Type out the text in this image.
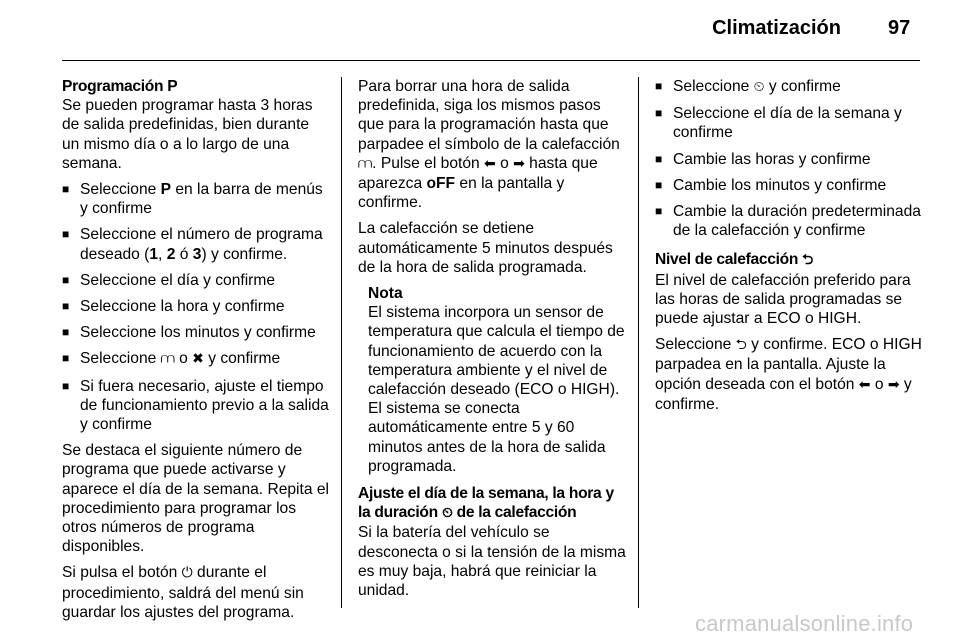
Climatización 97
Programación P

Se pueden programar hasta 3 horas de salida predefinidas, bien durante un mismo día o a lo largo de una semana.

■ Seleccione P en la barra de menús y confirme
■ Seleccione el número de programa deseado (1, 2 ó 3) y confirme.
■ Seleccione el día y confirme
■ Seleccione la hora y confirme
■ Seleccione los minutos y confirme
■ Seleccione ⩋ o ✖ y confirme
■ Si fuera necesario, ajuste el tiempo de funcionamiento previo a la salida y confirme

Se destaca el siguiente número de programa que puede activarse y aparece el día de la semana. Repita el procedimiento para programar los otros números de programa disponibles.

Si pulsa el botón ⏻ durante el procedimiento, saldrá del menú sin guardar los ajustes del programa.

Para borrar una hora de salida predefinida, siga los mismos pasos que para la programación hasta que parpadee el símbolo de la calefacción ⩋. Pulse el botón ⬅ o ➡ hasta que aparezca oFF en la pantalla y confirme.

La calefacción se detiene automáticamente 5 minutos después de la hora de salida programada.

Nota
El sistema incorpora un sensor de temperatura que calcula el tiempo de funcionamiento de acuerdo con la temperatura ambiente y el nivel de calefacción deseado (ECO o HIGH). El sistema se conecta automáticamente entre 5 y 60 minutos antes de la hora de salida programada.
Ajuste el día de la semana, la hora y la duración ⏲ de la calefacción

Si la batería del vehículo se desconecta o si la tensión de la misma es muy baja, habrá que reiniciar la unidad.

■ Seleccione ⏲ y confirme
■ Seleccione el día de la semana y confirme
■ Cambie las horas y confirme
■ Cambie los minutos y confirme
■ Cambie la duración predeterminada de la calefacción y confirme
Nivel de calefacción ⮌

El nivel de calefacción preferido para las horas de salida programadas se puede ajustar a ECO o HIGH.

Seleccione ⮌ y confirme. ECO o HIGH parpadea en la pantalla. Ajuste la opción deseada con el botón ⬅ o ➡ y confirme.

carmanualsonline.info
